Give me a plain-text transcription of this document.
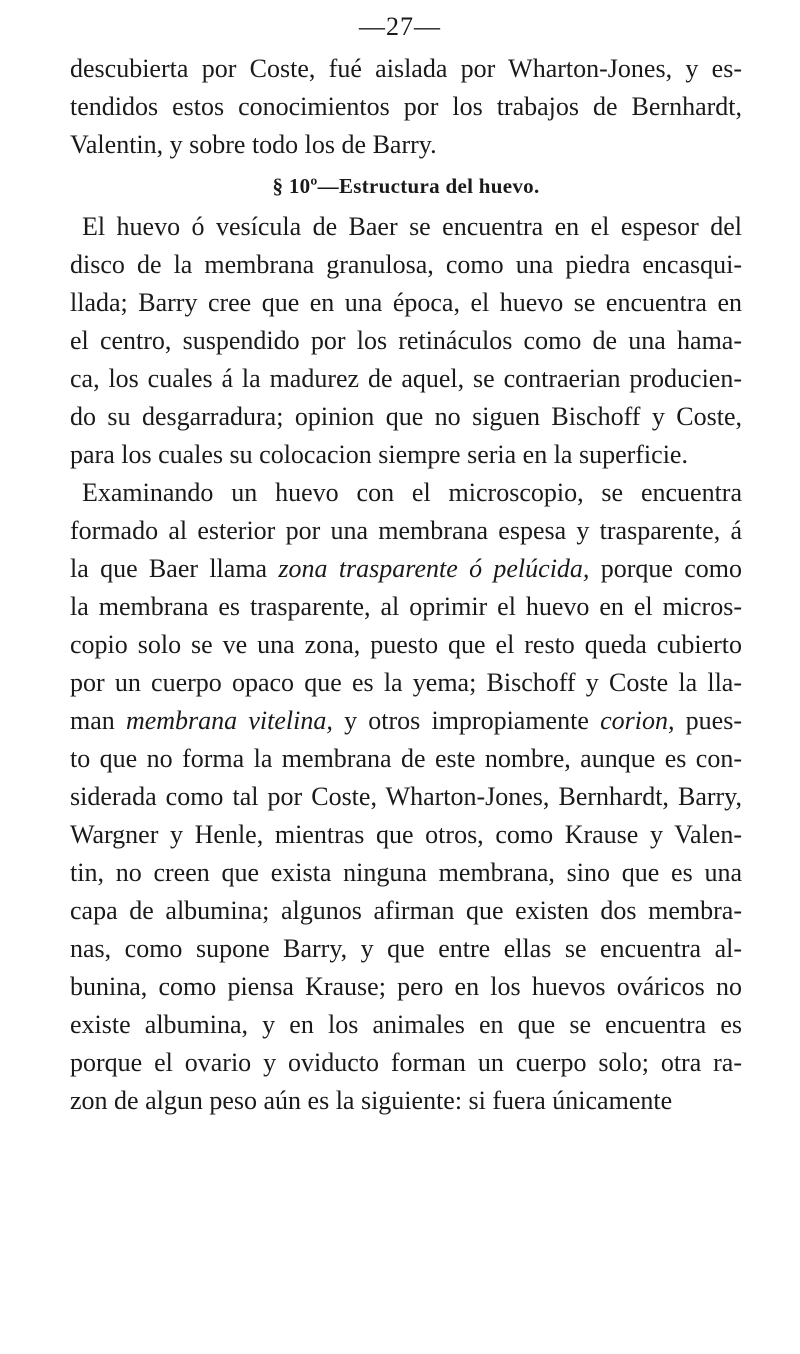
—27—
descubierta por Coste, fué aislada por Wharton-Jones, y es-
tendidos estos conocimientos por los trabajos de Bernhardt,
Valentin, y sobre todo los de Barry.
§ 10º—Estructura del huevo.
El huevo ó vesícula de Baer se encuentra en el espesor del
disco de la membrana granulosa, como una piedra encasqui-
llada; Barry cree que en una época, el huevo se encuentra en
el centro, suspendido por los retináculos como de una hama-
ca, los cuales á la madurez de aquel, se contraerian producien-
do su desgarradura; opinion que no siguen Bischoff y Coste,
para los cuales su colocacion siempre seria en la superficie.
Examinando un huevo con el microscopio, se encuentra
formado al esterior por una membrana espesa y trasparente, á
la que Baer llama zona trasparente ó pelúcida, porque como
la membrana es trasparente, al oprimir el huevo en el micros-
copio solo se ve una zona, puesto que el resto queda cubierto
por un cuerpo opaco que es la yema; Bischoff y Coste la lla-
man membrana vitelina, y otros impropiamente corion, pues-
to que no forma la membrana de este nombre, aunque es con-
siderada como tal por Coste, Wharton-Jones, Bernhardt, Barry,
Wargner y Henle, mientras que otros, como Krause y Valen-
tin, no creen que exista ninguna membrana, sino que es una
capa de albumina; algunos afirman que existen dos membra-
nas, como supone Barry, y que entre ellas se encuentra al-
bunina, como piensa Krause; pero en los huevos ováricos no
existe albumina, y en los animales en que se encuentra es
porque el ovario y oviducto forman un cuerpo solo; otra ra-
zon de algun peso aún es la siguiente: si fuera únicamente
